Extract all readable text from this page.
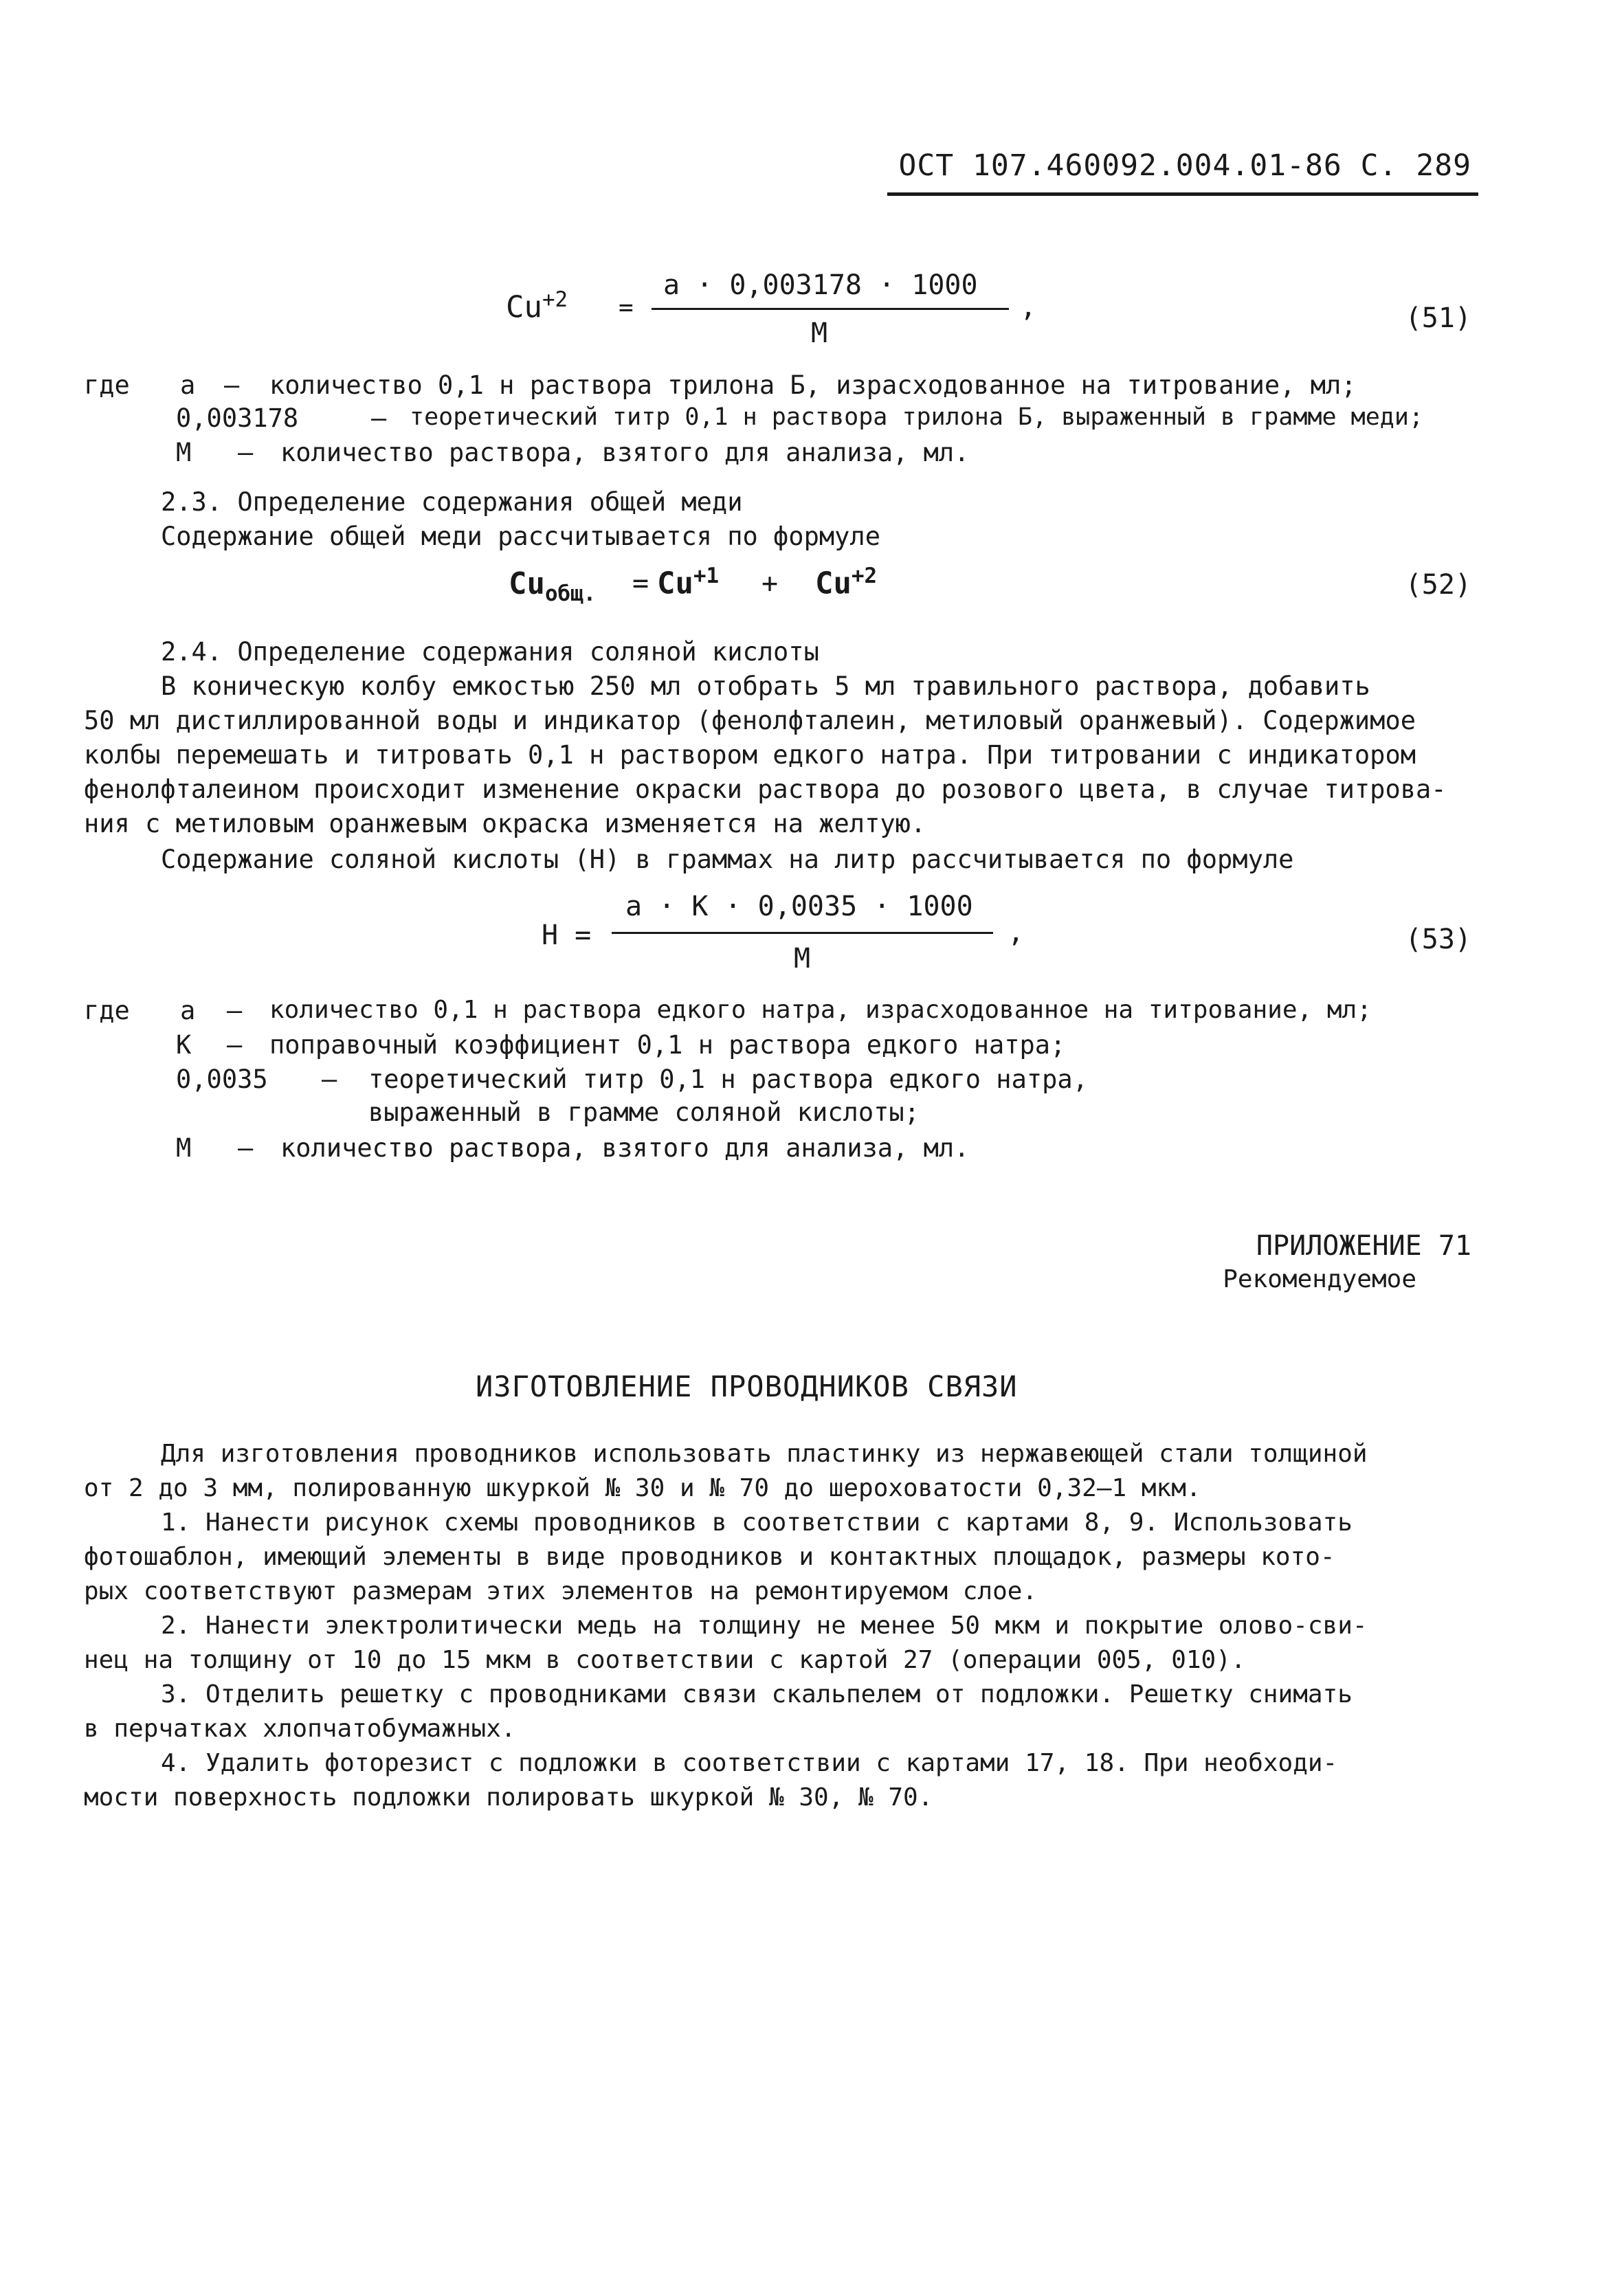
ОСТ 107.460092.004.01-86 С. 289
$Cu^{+2}$ =
a · 0,003178 · 1000
M
,	(51)
где a – количество 0,1 н раствора трилона Б, израсходованное на титрование, мл;
0,003178	– теоретический титр 0,1 н раствора трилона Б, выраженный в грамме меди;
M – количество раствора, взятого для анализа, мл.
2.3. Определение содержания общей меди
Содержание общей меди рассчитывается по формуле
$Cu_{общ.} = Cu^{+1} + Cu^{+2}$	(52)
2.4. Определение содержания соляной кислоты
В коническую колбу емкостью 250 мл отобрать 5 мл травильного раствора, добавить
50 мл дистиллированной воды и индикатор (фенолфталеин, метиловый оранжевый). Содержимое
колбы перемешать и титровать 0,1 н раствором едкого натра. При титровании с индикатором
фенолфталеином происходит изменение окраски раствора до розового цвета, в случае титрова-
ния с метиловым оранжевым окраска изменяется на желтую.
Содержание соляной кислоты (H) в граммах на литр рассчитывается по формуле
a · K · 0,0035 · 1000
H =
M
,	(53)
где a – количество 0,1 н раствора едкого натра, израсходованное на титрование, мл;
K – поправочный коэффициент 0,1 н раствора едкого натра;
0,0035 – теоретический титр 0,1 н раствора едкого натра,
выраженный в грамме соляной кислоты;
M – количество раствора, взятого для анализа, мл.
ПРИЛОЖЕНИЕ 71
Рекомендуемое
ИЗГОТОВЛЕНИЕ ПРОВОДНИКОВ СВЯЗИ
Для изготовления проводников использовать пластинку из нержавеющей стали толщиной
от 2 до 3 мм, полированную шкуркой № 30 и № 70 до шероховатости 0,32–1 мкм.
1. Нанести рисунок схемы проводников в соответствии с картами 8, 9. Использовать
фотошаблон, имеющий элементы в виде проводников и контактных площадок, размеры кото-
рых соответствуют размерам этих элементов на ремонтируемом слое.
2. Нанести электролитически медь на толщину не менее 50 мкм и покрытие олово-сви-
нец на толщину от 10 до 15 мкм в соответствии с картой 27 (операции 005, 010).
3. Отделить решетку с проводниками связи скальпелем от подложки. Решетку снимать
в перчатках хлопчатобумажных.
4. Удалить фоторезист с подложки в соответствии с картами 17, 18. При необходи-
мости поверхность подложки полировать шкуркой № 30, № 70.
